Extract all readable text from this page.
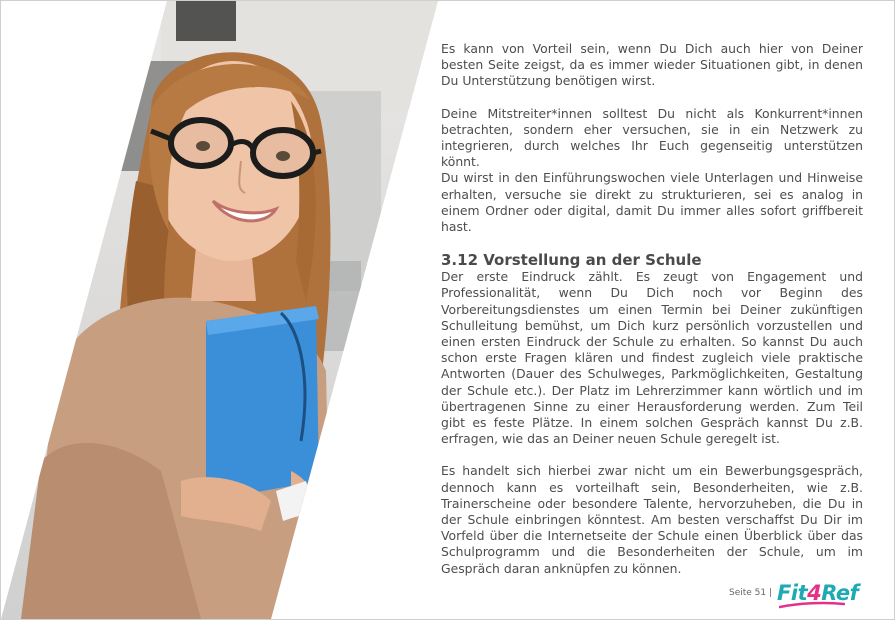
Es kann von Vorteil sein, wenn Du Dich auch hier von Deiner besten Seite zeigst, da es immer wieder Situationen gibt, in denen Du Unterstützung benötigen wirst.

Deine Mitstreiter*innen solltest Du nicht als Konkurrent*innen betrachten, sondern eher versuchen, sie in ein Netzwerk zu integrieren, durch welches Ihr Euch gegenseitig unterstützen könnt.

Du wirst in den Einführungswochen viele Unterlagen und Hinweise erhalten, versuche sie direkt zu strukturieren, sei es analog in einem Ordner oder digital, damit Du immer alles sofort griffbereit hast.

3.12 Vorstellung an der Schule

Der erste Eindruck zählt. Es zeugt von Engagement und Professionalität, wenn Du Dich noch vor Beginn des Vorbereitungsdienstes um einen Termin bei Deiner zukünftigen Schulleitung bemühst, um Dich kurz persönlich vorzustellen und einen ersten Eindruck der Schule zu erhalten. So kannst Du auch schon erste Fragen klären und findest zugleich viele praktische Antworten (Dauer des Schulweges, Parkmöglichkeiten, Gestaltung der Schule etc.). Der Platz im Lehrerzimmer kann wörtlich und im übertragenen Sinne zu einer Herausforderung werden. Zum Teil gibt es feste Plätze. In einem solchen Gespräch kannst Du z.B. erfragen, wie das an Deiner neuen Schule geregelt ist.

Es handelt sich hierbei zwar nicht um ein Bewerbungsgespräch, dennoch kann es vorteilhaft sein, Besonderheiten, wie z.B. Trainerscheine oder besondere Talente, hervorzuheben, die Du in der Schule einbringen könntest. Am besten verschaffst Du Dir im Vorfeld über die Internetseite der Schule einen Überblick über das Schulprogramm und die Besonderheiten der Schule, um im Gespräch daran anknüpfen zu können.

Seite 51 | Fit4Ref
